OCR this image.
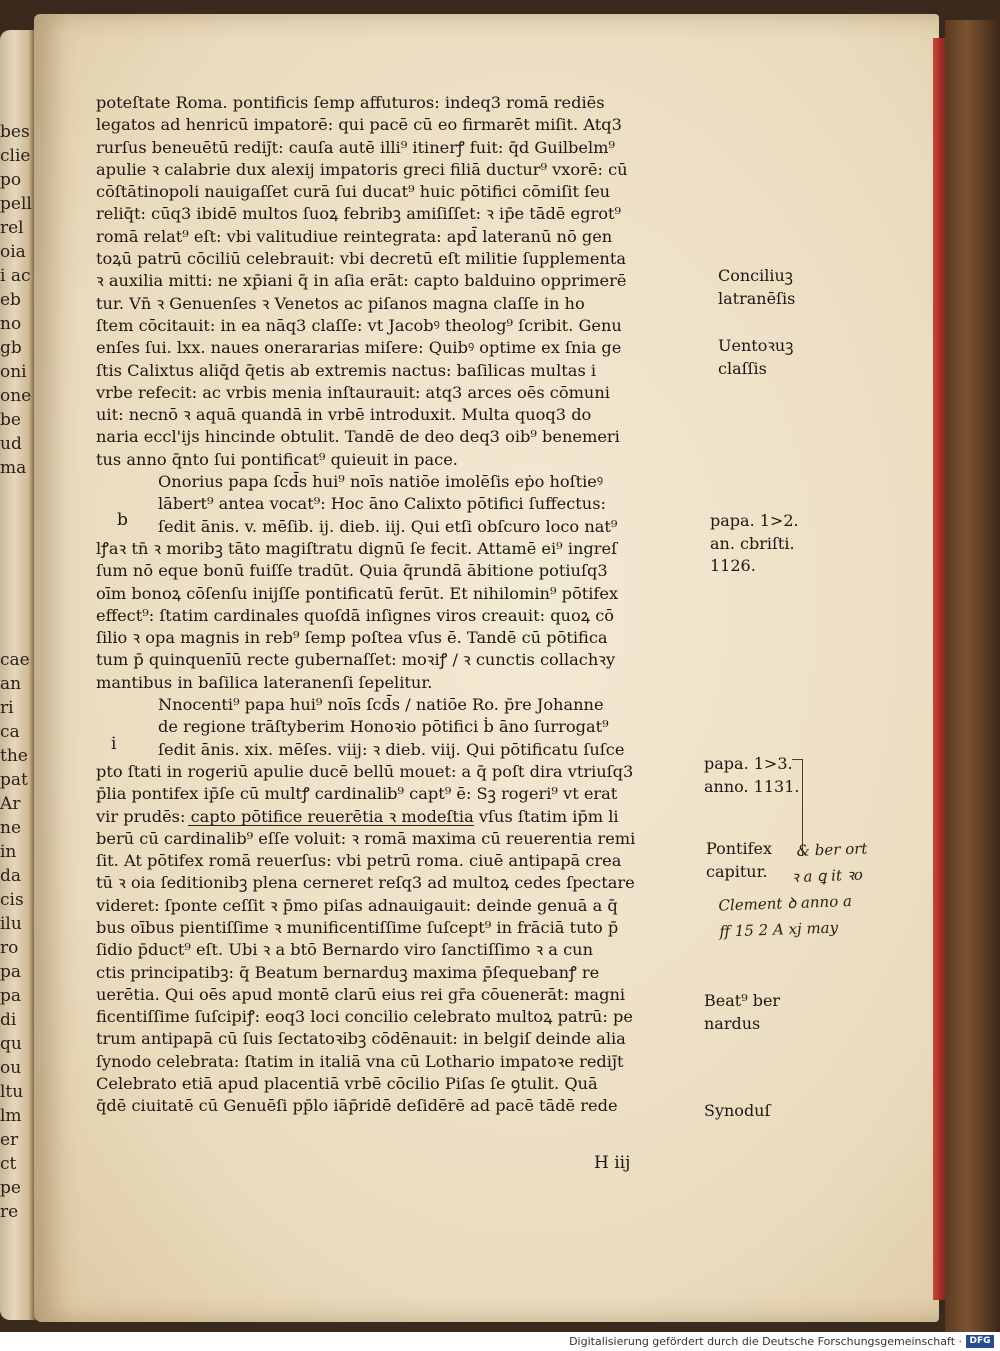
bes
clie
po
pell
rel
oia
i ac
eb
no
gb
oni
one
be
ud
ma
cae
an
ri
ca
the
pat
Ar
ne
in
da
cis
ilu
ro
pa
pa
di
qu
ou
ltu
lm
er
ct
pe
re
poteſtate Roma. pontificis ſemp affuturos: indeq3 romā rediēs
legatos ad henricū impatorē: qui pacē cū eo firmarēt miſit. Atq3
rurſus beneuētū rediȷ̄t: cauſa autē illi⁹ itinerꝭ fuit: q̄d Guilbelm⁹
apulie ꝛ calabrie dux alexij impatoris greci filiā ductur⁹ vxorē: cū
cōſtātinopoli nauigaſſet curā ſui ducat⁹ huic pōtifici cōmiſit ſeu
reliq̄t: cūq3 ibidē multos ſuoꝝ febribꝫ amiſiſſet: ꝛ ip̄e tādē egrot⁹
romā relat⁹ eſt: vbi valitudiue reintegrata: apd̄ lateranū nō gen
toꝝū patrū cōciliū celebrauit: vbi decretū eſt militie ſupplementa
ꝛ auxilia mitti: ne xp̄iani q̄ in aſia erāt: capto balduino opprimerē
tur. Vn̄ ꝛ Genuenſes ꝛ Venetos ac piſanos magna claſſe in ho
ſtem cōcitauit: in ea nāq3 claſſe: vt Jacobꝰ theolog⁹ ſcribit. Genu
enſes ſui. lxx. naues onerararias miſere: Quibꝰ optime ex ſnia ge
ſtis Calixtus aliq̄d q̄etis ab extremis nactus: baſilicas multas i
vrbe refecit: ac vrbis menia inſtaurauit: atq3 arces oēs cōmuni
uit: necnō ꝛ aquā quandā in vrbē introduxit. Multa quoq3 do
naria eccl'ijs hincinde obtulit. Tandē de deo deq3 oib⁹ benemeri
tus anno q̄nto ſui pontificat⁹ quieuit in pace.
Onorius papa ſcd̄s hui⁹ noīs natiōe imolēſis eṗo hoſtieꝰ
lābert⁹ antea vocat⁹: Hoc āno Calixto pōtifici ſuffectus:
ſedit ānis. v. mēſib. ij. dieb. iij. Qui etſi obſcuro loco nat⁹
lꝭaꝛ tn̄ ꝛ moribꝫ tāto magiſtratu dignū ſe fecit. Attamē ei⁹ ingreſ
ſum nō eque bonū fuiſſe tradūt. Quia q̄rundā ābitione potiuſq3
oīm bonoꝝ cōſenſu inijſſe pontificatū ferūt. Et nihilomin⁹ pōtifex
effect⁹: ſtatim cardinales quoſdā inſignes viros creauit: quoꝝ cō
ſilio ꝛ opa magnis in reb⁹ ſemp poſtea vſus ē. Tandē cū pōtifica
tum p̄ quinquenīū recte gubernaſſet: moꝛiꝭ / ꝛ cunctis collachꝛy
mantibus in baſilica lateranenſi ſepelitur.
Nnocenti⁹ papa hui⁹ noīs ſcd̄s / natiōe Ro. p̄re Johanne
de regione trāſtyberim Honoꝛio pōtifici ḃ āno ſurrogat⁹
ſedit ānis. xix. mēſes. viij: ꝛ dieb. viij. Qui pōtificatu ſuſce
pto ſtati in rogeriū apulie ducē bellū mouet: a q̄ poſt dira vtriuſq3
p̄lia pontifex ip̄ſe cū multꝭ cardinalib⁹ capt⁹ ē: Sꝫ rogeri⁹ vt erat
vir prudēs: capto pōtifice reuerētia ꝛ modeſtia vſus ſtatim ip̄m li
berū cū cardinalib⁹ eſſe voluit: ꝛ romā maxima cū reuerentia remi
ſit. At pōtifex romā reuerſus: vbi petrū roma. ciuē antipapā crea
tū ꝛ oia ſeditionibꝫ plena cerneret reſq3 ad multoꝝ cedes ſpectare
videret: ſponte ceſſit ꝛ p̄mo piſas adnauigauit: deinde genuā a q̄
bus oībus pientiſſime ꝛ munificentiſſime ſuſcept⁹ in frāciā tuto p̄
ſidio p̄duct⁹ eſt. Ubi ꝛ a btō Bernardo viro ſanctiſſimo ꝛ a cun
ctis principatibꝫ: q̄ Beatum bernarduꝫ maxima p̄ſequebanꝭ re
uerētia. Qui oēs apud montē clarū eius rei gr̄a cōuenerāt: magni
ficentiſſime ſuſcipiꝭ: eoq3 loci concilio celebrato multoꝝ patrū: pe
trum antipapā cū ſuis ſectatoꝛibꝫ cōdēnauit: in belgiſ deinde alia
ſynodo celebrata: ſtatim in italiā vna cū Lothario impatoꝛe rediȷ̄t
Celebrato etiā apud placentiā vrbē cōcilio Piſas ſe ꝯtulit. Quā
q̄dē ciuitatē cū Genuēſi pp̄lo iāp̄ridē deſidērē ad pacē tādē rede
b
i
Conciliuꝫ
latranēſis
Uentoꝛuꝫ
claſſis
papa. 1>2.
an. cbriſti.
1126.
papa. 1>3.
anno. 1131.
Pontifex
capitur.
Beat⁹ ber
nardus
Synoduſ
& ber ort
ꝛ a ꝗ it ꝛo
Clement ꝺ anno a
ff 15 2 A xj may
H iij
Digitalisierung gefördert durch die Deutsche Forschungsgemeinschaft · DFG
